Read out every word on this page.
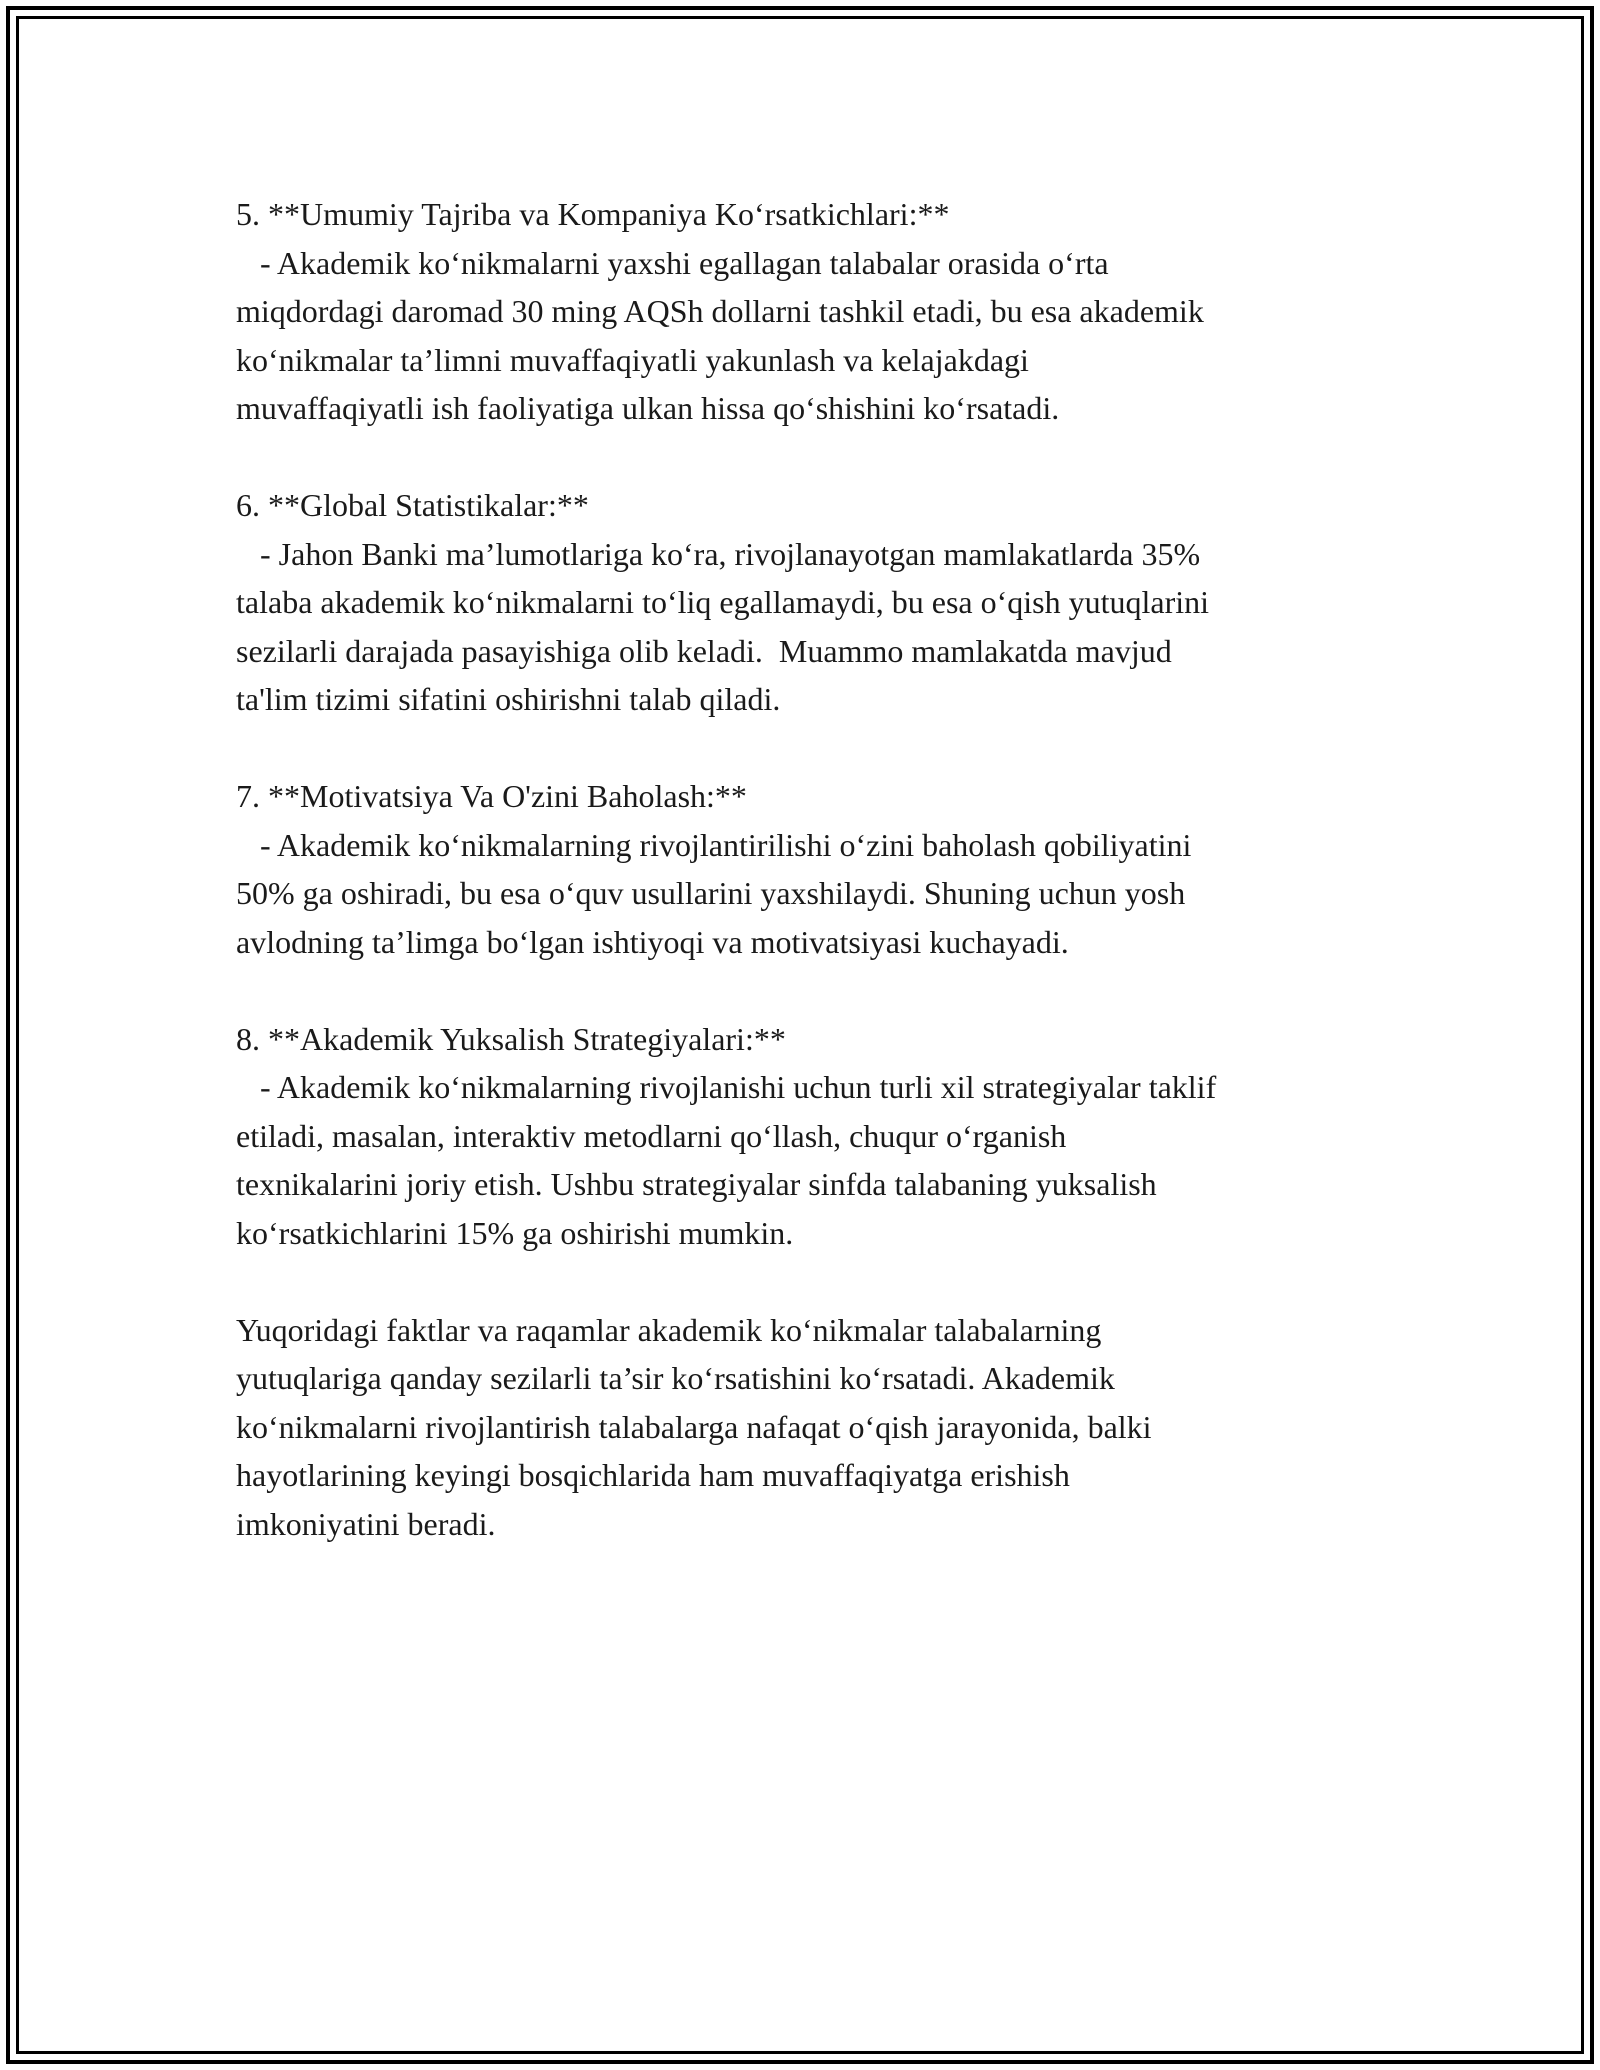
5. **Umumiy Tajriba va Kompaniya Ko‘rsatkichlari:**
- Akademik ko‘nikmalarni yaxshi egallagan talabalar orasida o‘rta
miqdordagi daromad 30 ming AQSh dollarni tashkil etadi, bu esa akademik
ko‘nikmalar ta’limni muvaffaqiyatli yakunlash va kelajakdagi
muvaffaqiyatli ish faoliyatiga ulkan hissa qo‘shishini ko‘rsatadi.
6. **Global Statistikalar:**
- Jahon Banki ma’lumotlariga ko‘ra, rivojlanayotgan mamlakatlarda 35%
talaba akademik ko‘nikmalarni to‘liq egallamaydi, bu esa o‘qish yutuqlarini
sezilarli darajada pasayishiga olib keladi.  Muammo mamlakatda mavjud
ta'lim tizimi sifatini oshirishni talab qiladi.
7. **Motivatsiya Va O'zini Baholash:**
- Akademik ko‘nikmalarning rivojlantirilishi o‘zini baholash qobiliyatini
50% ga oshiradi, bu esa o‘quv usullarini yaxshilaydi. Shuning uchun yosh
avlodning ta’limga bo‘lgan ishtiyoqi va motivatsiyasi kuchayadi.
8. **Akademik Yuksalish Strategiyalari:**
- Akademik ko‘nikmalarning rivojlanishi uchun turli xil strategiyalar taklif
etiladi, masalan, interaktiv metodlarni qo‘llash, chuqur o‘rganish
texnikalarini joriy etish. Ushbu strategiyalar sinfda talabaning yuksalish
ko‘rsatkichlarini 15% ga oshirishi mumkin.
Yuqoridagi faktlar va raqamlar akademik ko‘nikmalar talabalarning
yutuqlariga qanday sezilarli ta’sir ko‘rsatishini ko‘rsatadi. Akademik
ko‘nikmalarni rivojlantirish talabalarga nafaqat o‘qish jarayonida, balki
hayotlarining keyingi bosqichlarida ham muvaffaqiyatga erishish
imkoniyatini beradi.
